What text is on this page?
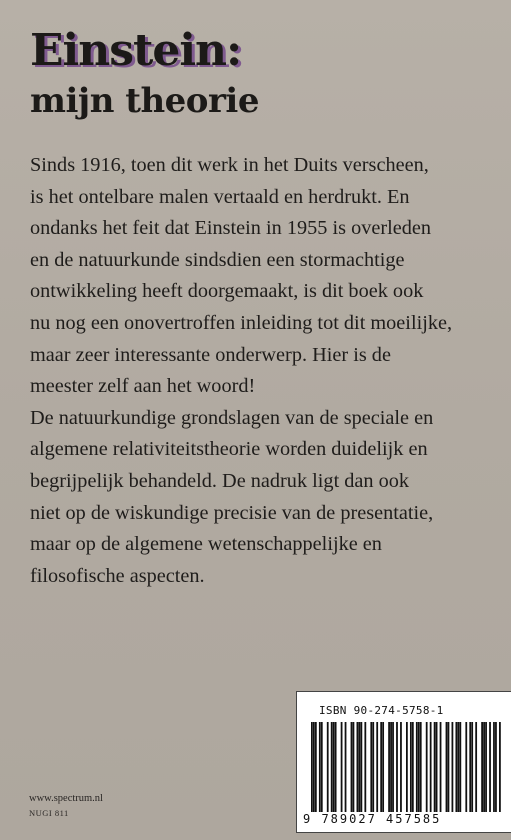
Einstein:
mijn theorie

Sinds 1916, toen dit werk in het Duits verscheen,

is het ontelbare malen vertaald en herdrukt. En

ondanks het feit dat Einstein in 1955 is overleden

en de natuurkunde sindsdien een stormachtige

ontwikkeling heeft doorgemaakt, is dit boek ook

nu nog een onovertroffen inleiding tot dit moeilijke,

maar zeer interessante onderwerp. Hier is de

meester zelf aan het woord!

De natuurkundige grondslagen van de speciale en

algemene relativiteitstheorie worden duidelijk en

begrijpelijk behandeld. De nadruk ligt dan ook

niet op de wiskundige precisie van de presentatie,

maar op de algemene wetenschappelijke en

filosofische aspecten.

ISBN 90-274-5758-1
9 789027 457585
www.spectrum.nl
NUGI 811
